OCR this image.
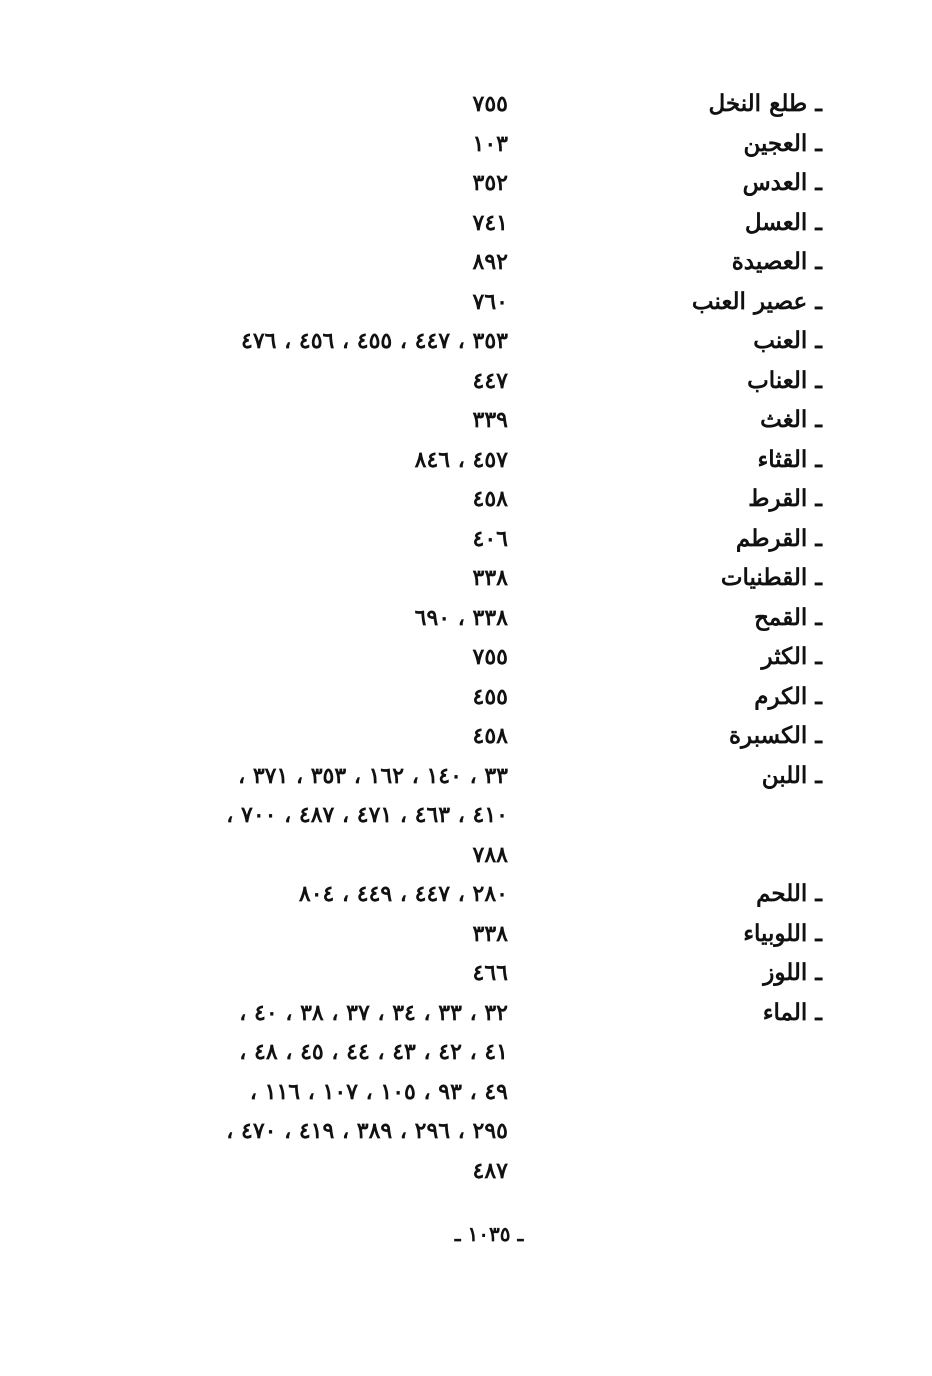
ـ طلع النخل
٧٥٥
ـ العجين
١٠٣
ـ العدس
٣٥٢
ـ العسل
٧٤١
ـ العصيدة
٨٩٢
ـ عصير العنب
٧٦٠
ـ العنب
٣٥٣ ، ٤٤٧ ، ٤٥٥ ، ٤٥٦ ، ٤٧٦
ـ العناب
٤٤٧
ـ الغث
٣٣٩
ـ القثاء
٤٥٧ ، ٨٤٦
ـ القرط
٤٥٨
ـ القرطم
٤٠٦
ـ القطنيات
٣٣٨
ـ القمح
٣٣٨ ، ٦٩٠
ـ الكثر
٧٥٥
ـ الكرم
٤٥٥
ـ الكسبرة
٤٥٨
ـ اللبن
٣٣ ، ١٤٠ ، ١٦٢ ، ٣٥٣ ، ٣٧١ ،
٤١٠ ، ٤٦٣ ، ٤٧١ ، ٤٨٧ ، ٧٠٠ ،
٧٨٨
ـ اللحم
٢٨٠ ، ٤٤٧ ، ٤٤٩ ، ٨٠٤
ـ اللوبياء
٣٣٨
ـ اللوز
٤٦٦
ـ الماء
٣٢ ، ٣٣ ، ٣٤ ، ٣٧ ، ٣٨ ، ٤٠ ،
٤١ ، ٤٢ ، ٤٣ ، ٤٤ ، ٤٥ ، ٤٨ ،
٤٩ ، ٩٣ ، ١٠٥ ، ١٠٧ ، ١١٦ ،
٢٩٥ ، ٢٩٦ ، ٣٨٩ ، ٤١٩ ، ٤٧٠ ،
٤٨٧
ـ ١٠٣٥ ـ
